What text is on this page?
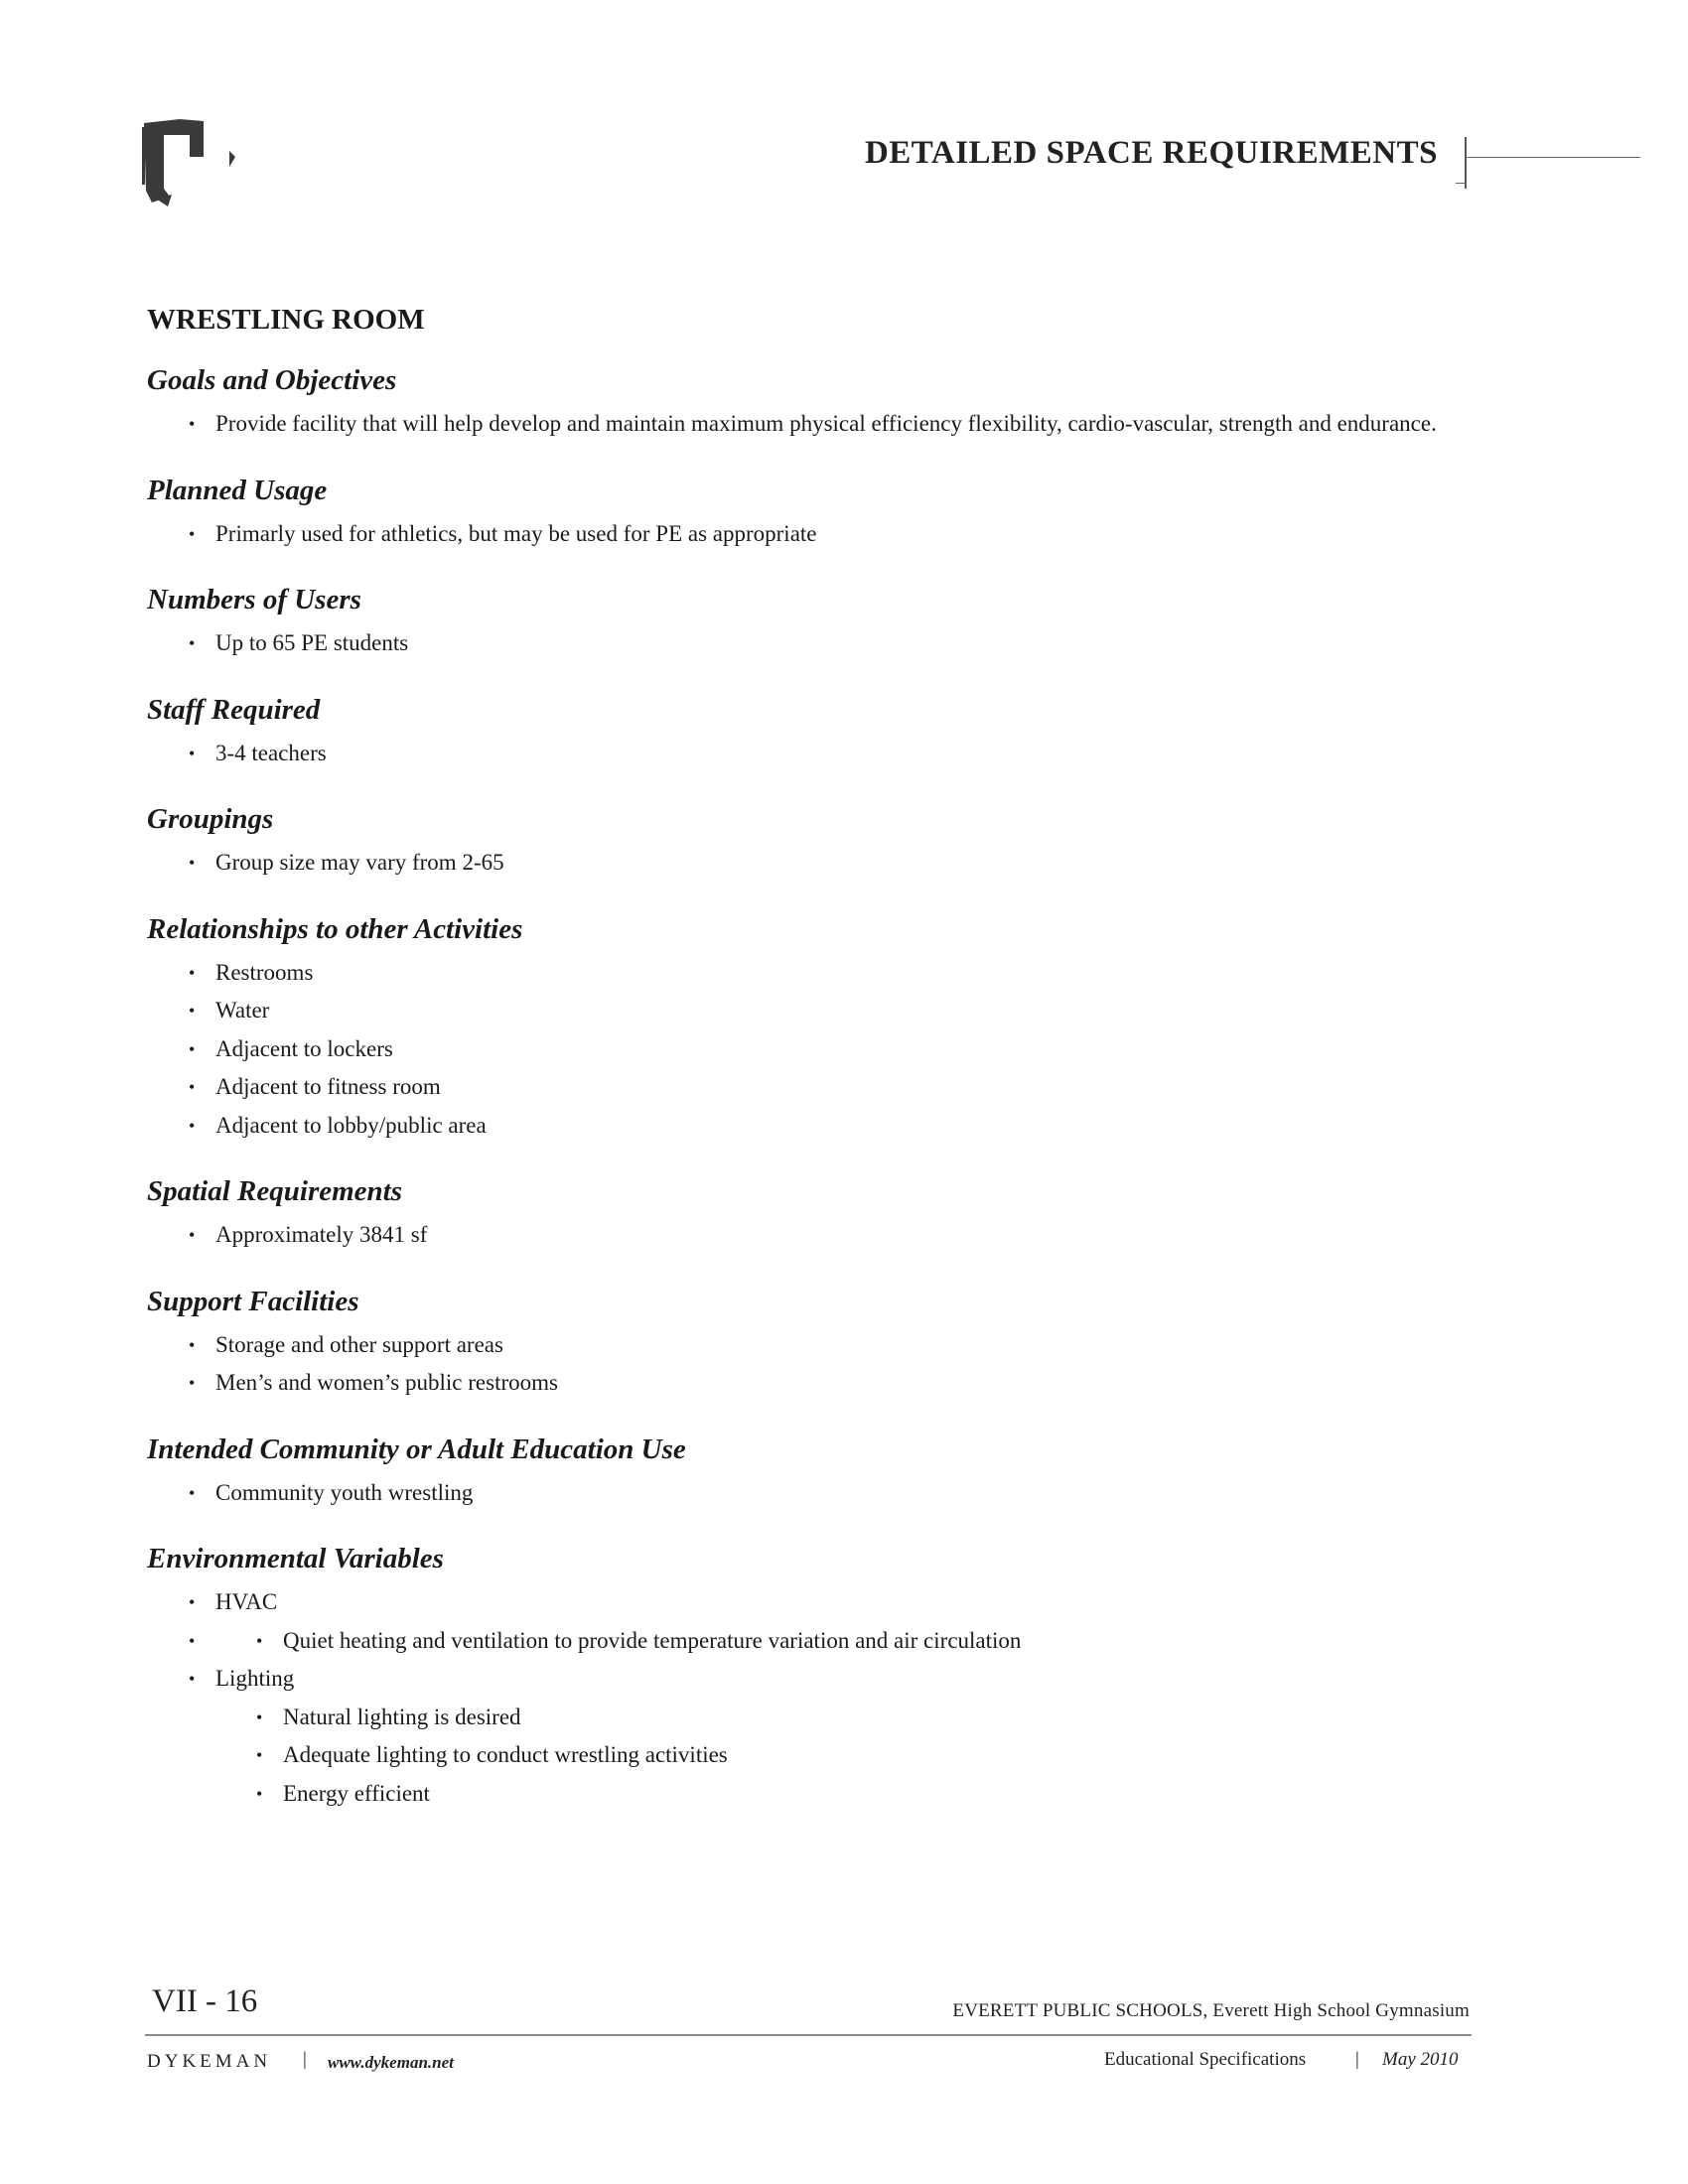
DETAILED SPACE REQUIREMENTS
WRESTLING ROOM
Goals and Objectives
• Provide facility that will help develop and maintain maximum physical efficiency flexibility, cardio-vascular, strength and endurance.
Planned Usage
• Primarly used for athletics, but may be used for PE as appropriate
Numbers of Users
• Up to 65 PE students
Staff Required
• 3-4 teachers
Groupings
• Group size may vary from 2-65
Relationships to other Activities
• Restrooms
• Water
• Adjacent to lockers
• Adjacent to fitness room
• Adjacent to lobby/public area
Spatial Requirements
• Approximately 3841 sf
Support Facilities
• Storage and other support areas
• Men’s and women’s public restrooms
Intended Community or Adult Education Use
• Community youth wrestling
Environmental Variables
• HVAC
• • Quiet heating and ventilation to provide temperature variation and air circulation
• Lighting
• Natural lighting is desired
• Adequate lighting to conduct wrestling activities
• Energy efficient
VII - 16	EVERETT PUBLIC SCHOOLS, Everett High School Gymnasium
DYKEMAN | www.dykeman.net	Educational Specifications	| May 2010
